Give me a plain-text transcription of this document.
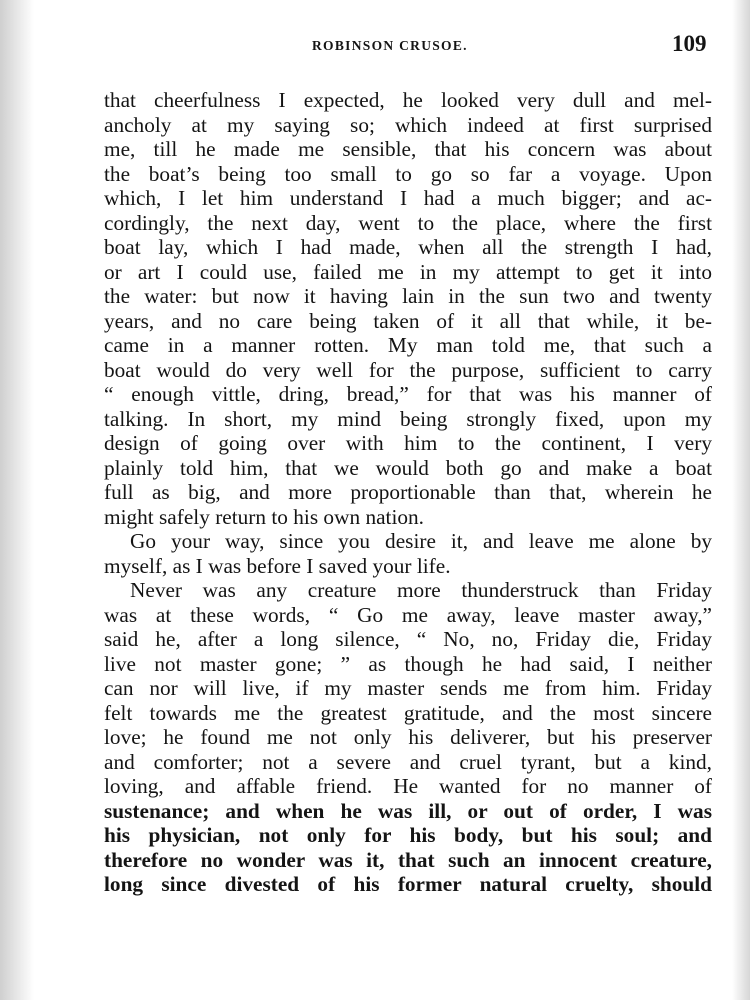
ROBINSON CRUSOE.	109
that cheerfulness I expected, he looked very dull and mel-
ancholy at my saying so; which indeed at first surprised
me, till he made me sensible, that his concern was about
the boat’s being too small to go so far a voyage. Upon
which, I let him understand I had a much bigger; and ac-
cordingly, the next day, went to the place, where the first
boat lay, which I had made, when all the strength I had,
or art I could use, failed me in my attempt to get it into
the water: but now it having lain in the sun two and twenty
years, and no care being taken of it all that while, it be-
came in a manner rotten. My man told me, that such a
boat would do very well for the purpose, sufficient to carry
“ enough vittle, dring, bread,” for that was his manner of
talking. In short, my mind being strongly fixed, upon my
design of going over with him to the continent, I very
plainly told him, that we would both go and make a boat
full as big, and more proportionable than that, wherein he
might safely return to his own nation.
Go your way, since you desire it, and leave me alone by
myself, as I was before I saved your life.
Never was any creature more thunderstruck than Friday
was at these words, “ Go me away, leave master away,”
said he, after a long silence, “ No, no, Friday die, Friday
live not master gone; ” as though he had said, I neither
can nor will live, if my master sends me from him. Friday
felt towards me the greatest gratitude, and the most sincere
love; he found me not only his deliverer, but his preserver
and comforter; not a severe and cruel tyrant, but a kind,
loving, and affable friend. He wanted for no manner of
sustenance; and when he was ill, or out of order, I was
his physician, not only for his body, but his soul; and
therefore no wonder was it, that such an innocent creature,
long since divested of his former natural cruelty, should
